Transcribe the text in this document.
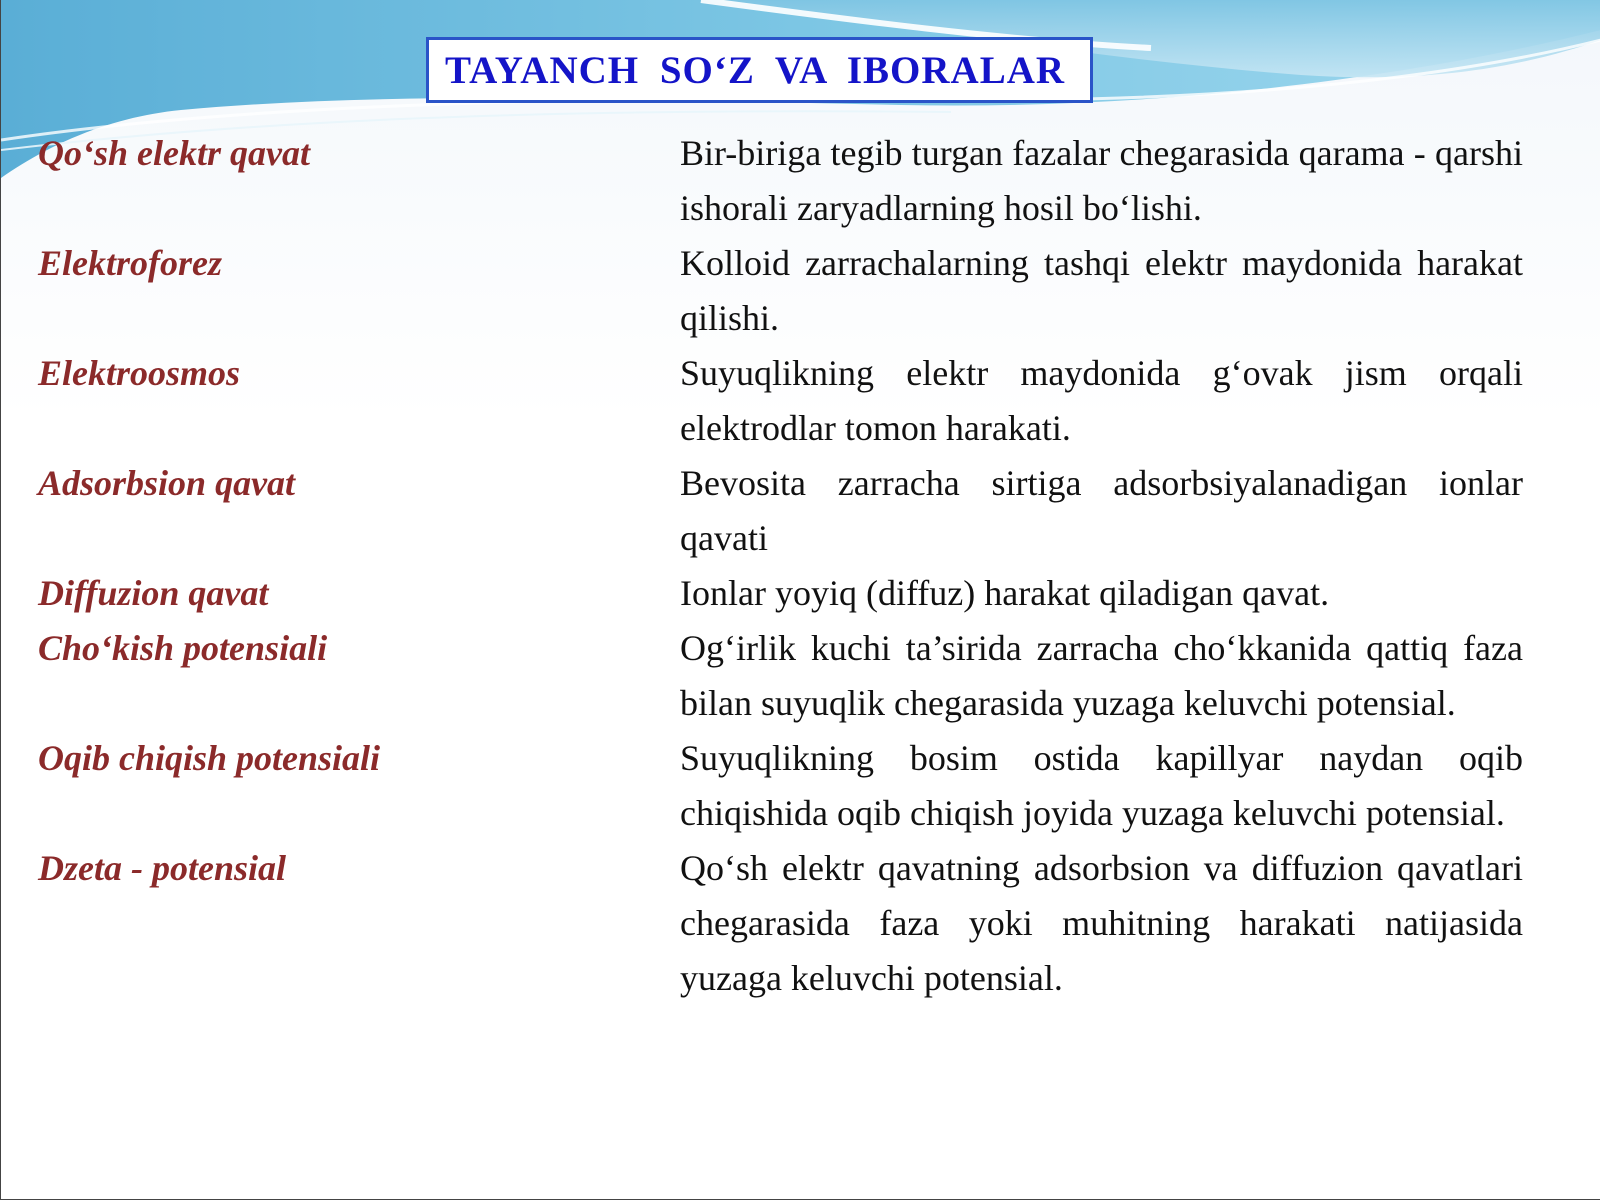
TAYANCH SO‘Z VA IBORALAR
Qo‘sh elektr qavat	Bir-biriga tegib turgan fazalar chegarasida qarama - qarshi ishorali zaryadlarning hosil bo‘lishi.
Elektroforez	Kolloid zarrachalarning tashqi elektr maydonida harakat qilishi.
Elektroosmos	Suyuqlikning elektr maydonida g‘ovak jism orqali elektrodlar tomon harakati.
Adsorbsion qavat	Bevosita zarracha sirtiga adsorbsiyalanadigan ionlar qavati
Diffuzion qavat	Ionlar yoyiq (diffuz) harakat qiladigan qavat.
Cho‘kish potensiali	Og‘irlik kuchi ta’sirida zarracha cho‘kkanida qattiq faza bilan suyuqlik chegarasida yuzaga keluvchi potensial.
Oqib chiqish potensiali	Suyuqlikning bosim ostida kapillyar naydan oqib chiqishida oqib chiqish joyida yuzaga keluvchi potensial.
Dzeta - potensial	Qo‘sh elektr qavatning adsorbsion va diffuzion qavatlari chegarasida faza yoki muhitning harakati natijasida yuzaga keluvchi potensial.
